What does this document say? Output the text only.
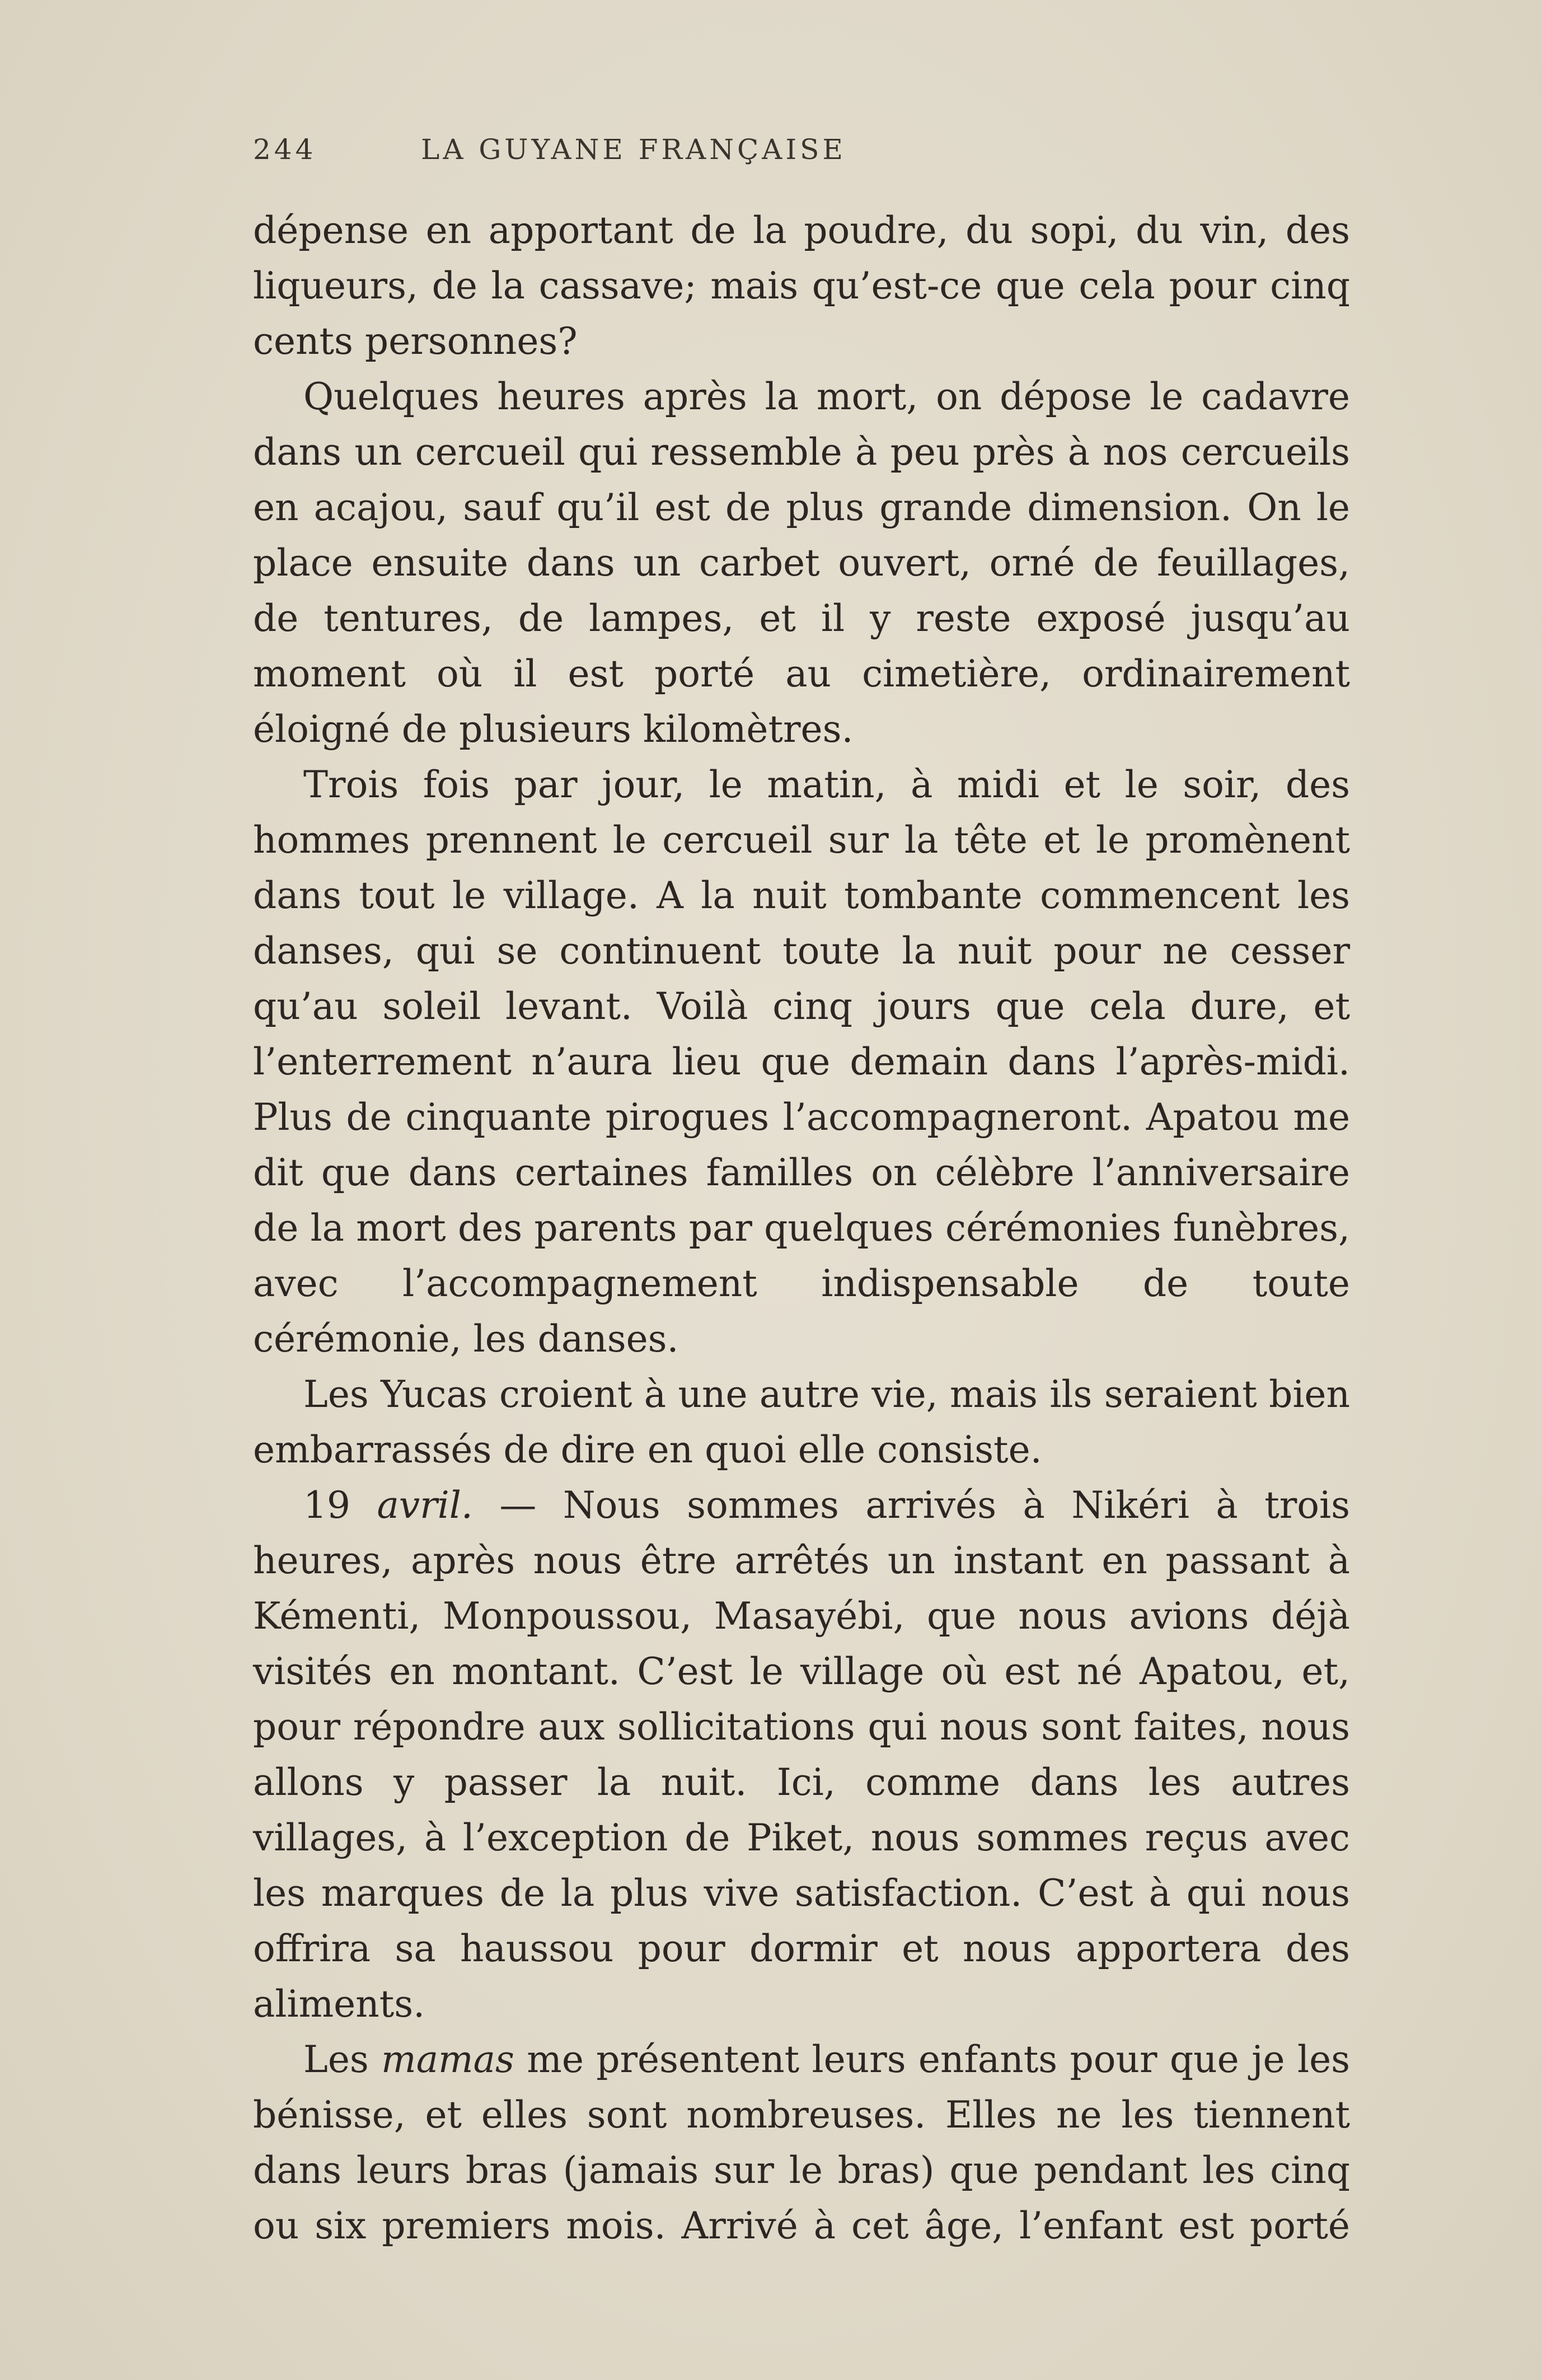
244	LA GUYANE FRANÇAISE

dépense en apportant de la poudre, du sopi, du vin, des liqueurs, de la cassave; mais qu’est-ce que cela pour cinq cents personnes?

Quelques heures après la mort, on dépose le cadavre dans un cercueil qui ressemble à peu près à nos cercueils en acajou, sauf qu’il est de plus grande dimension. On le place ensuite dans un carbet ouvert, orné de feuillages, de tentures, de lampes, et il y reste exposé jusqu’au moment où il est porté au cimetière, ordinairement éloigné de plusieurs kilomètres.

Trois fois par jour, le matin, à midi et le soir, des hommes prennent le cercueil sur la tête et le promènent dans tout le village. A la nuit tombante commencent les danses, qui se continuent toute la nuit pour ne cesser qu’au soleil levant. Voilà cinq jours que cela dure, et l’enterrement n’aura lieu que demain dans l’après-midi. Plus de cinquante pirogues l’accompagneront. Apatou me dit que dans certaines familles on célèbre l’anniversaire de la mort des parents par quelques cérémonies funèbres, avec l’accompagnement indispensable de toute cérémonie, les danses.

Les Yucas croient à une autre vie, mais ils seraient bien embarrassés de dire en quoi elle consiste.

19 avril. — Nous sommes arrivés à Nikéri à trois heures, après nous être arrêtés un instant en passant à Kémenti, Monpoussou, Masayébi, que nous avions déjà visités en montant. C’est le village où est né Apatou, et, pour répondre aux sollicitations qui nous sont faites, nous allons y passer la nuit. Ici, comme dans les autres villages, à l’exception de Piket, nous sommes reçus avec les marques de la plus vive satisfaction. C’est à qui nous offrira sa haussou pour dormir et nous apportera des aliments.

Les mamas me présentent leurs enfants pour que je les bénisse, et elles sont nombreuses. Elles ne les tiennent dans leurs bras (jamais sur le bras) que pendant les cinq ou six premiers mois. Arrivé à cet âge, l’enfant est porté
